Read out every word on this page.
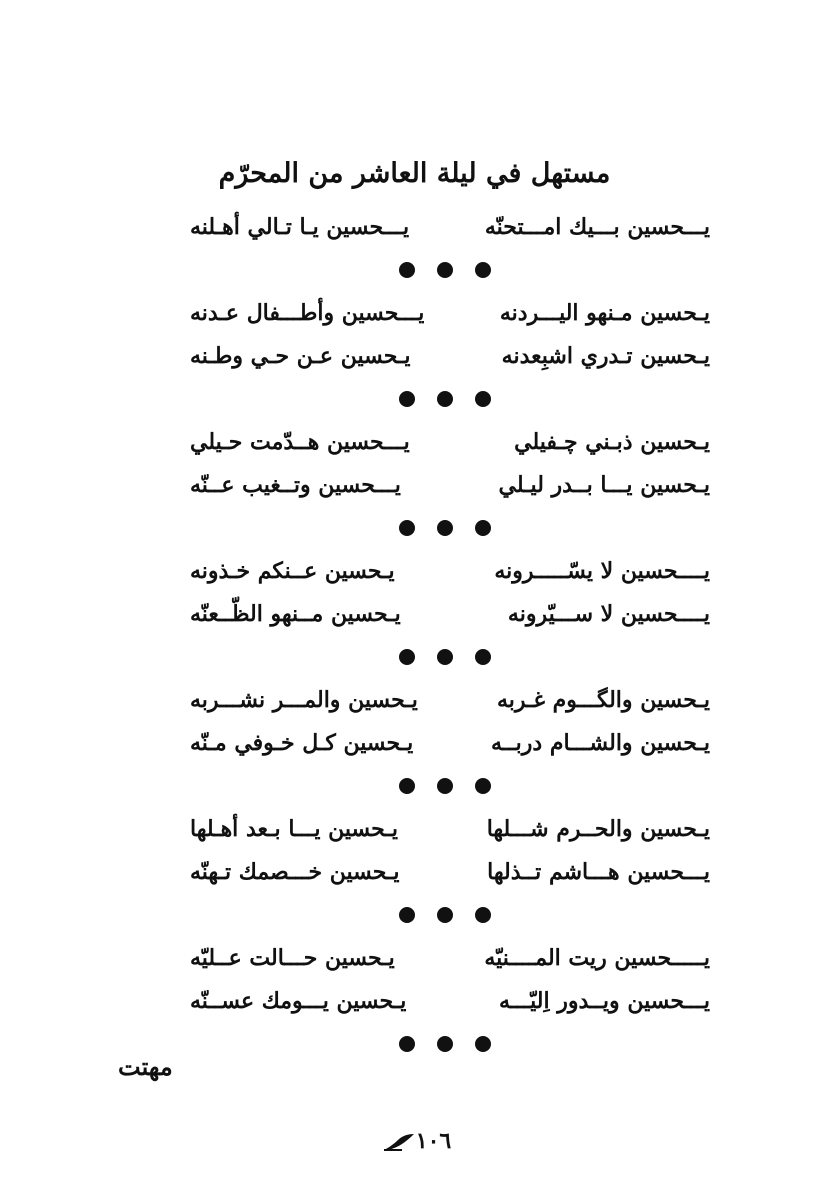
مستهل في ليلة العاشر من المحرّم
يـــحسين بـــيك امـــتحنّه
يـــحسين يـا تـالي أهـلنه
يـحسين مـنهو اليـــردنه
يـــحسين وأطـــفال عـدنه
يـحسين تـدري اشبِعدنه
يـحسين عـن حـي وطـنه
يـحسين ذبـني چـفيلي
يـــحسين هــدّمت حـيلي
يـحسين يـــا بــدر ليـلي
يـــحسين وتــغيب عــنّه
يــــحسين لا يسّـــــرونه
يـحسين عــنكم خـذونه
يــــحسين لا ســـيّرونه
يـحسين مــنهو الظّــعنّه
يـحسين والگـــوم غـربه
يـحسين والمـــر نشـــربه
يـحسين والشـــام دربــه
يـحسين كـل خـوفي مـنّه
يـحسين والحــرم شـــلها
يـحسين يـــا بـعد أهـلها
يـــحسين هـــاشم تــذلها
يـحسين خـــصمك تـهنّه
يـــــحسين ريت المــــنيّه
يـحسين حـــالت عــليّه
يـــحسين ويــدور اِليّـــه
يـحسين يـــومك عســنّه
مهتت
١٠٦
